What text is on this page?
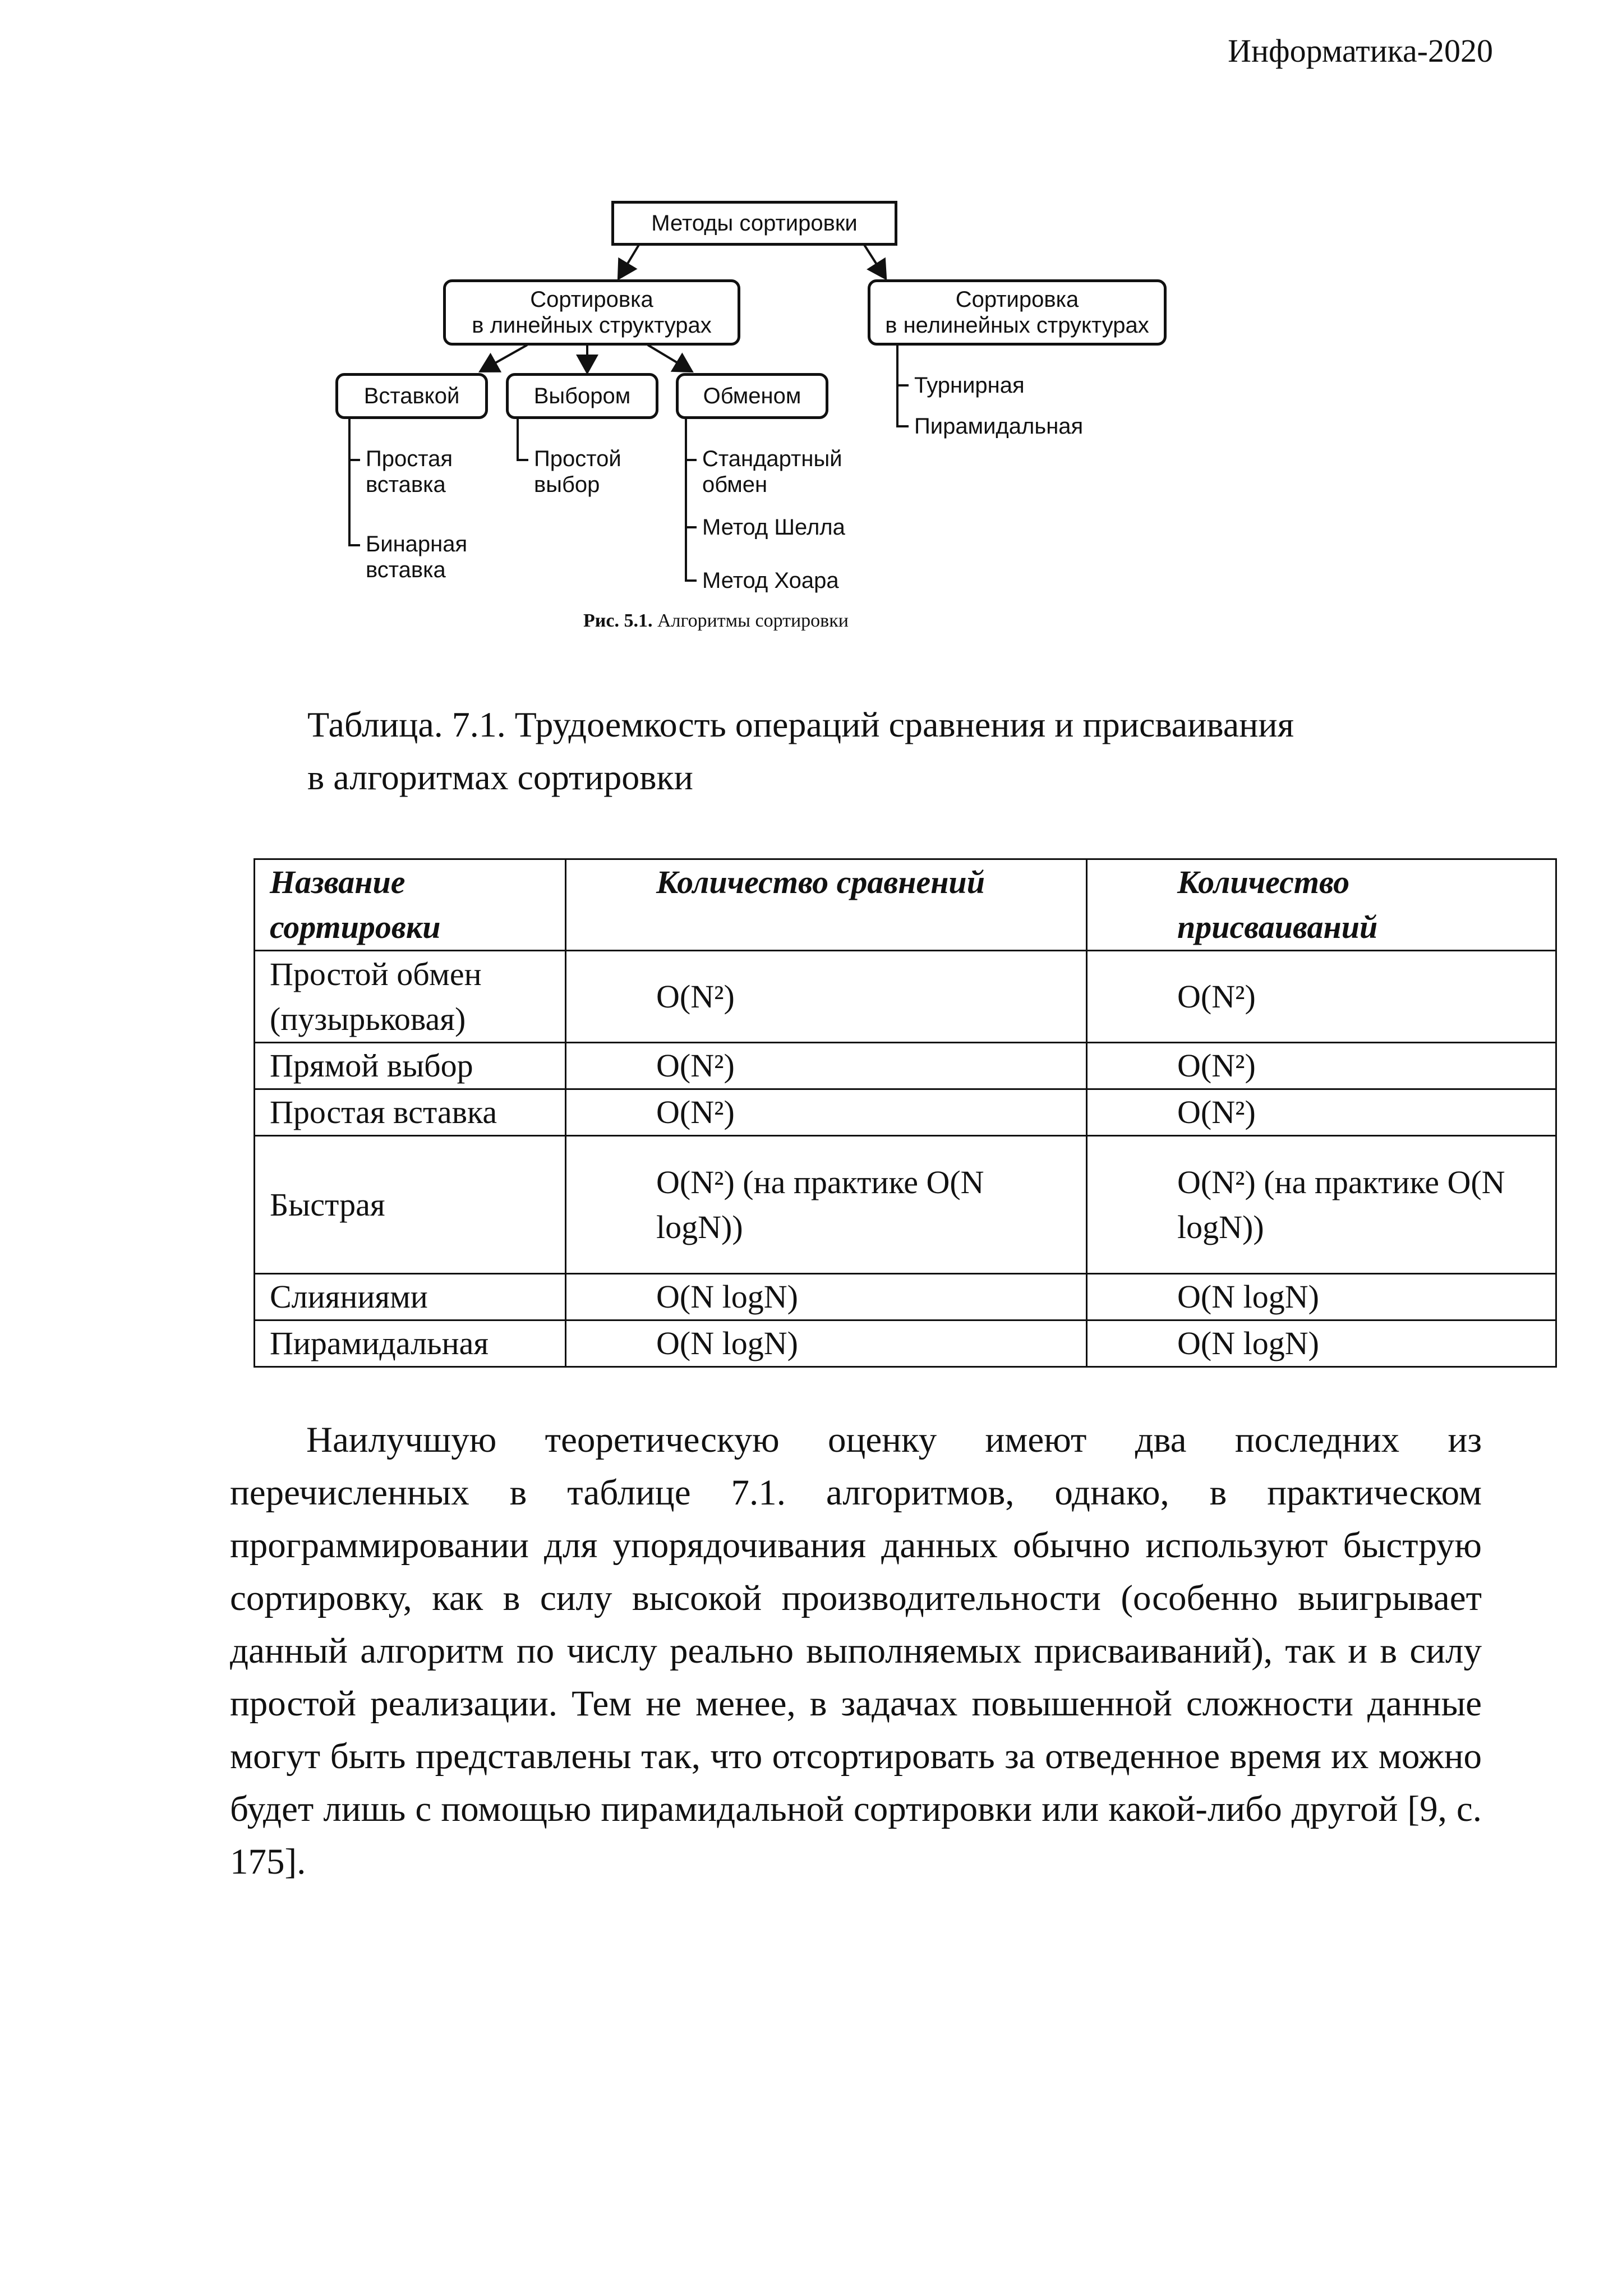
Информатика-2020
Методы сортировки
Сортировка
в линейных структурах
Сортировка
в нелинейных структурах
Вставкой	Выбором	Обменом
Простая вставка
Бинарная вставка
Простой выбор
Стандартный обмен
Метод Шелла
Метод Хоара
Турнирная
Пирамидальная
Рис. 5.1. Алгоритмы сортировки
Таблица. 7.1. Трудоемкость операций сравнения и присваивания
в алгоритмах сортировки
Название сортировки	Количество сравнений	Количество присваиваний
Простой обмен (пузырьковая)	O(N²)	O(N²)
Прямой выбор	O(N²)	O(N²)
Простая вставка	O(N²)	O(N²)
Быстрая	O(N²) (на практике O(N logN))	O(N²) (на практике O(N logN))
Слияниями	O(N logN)	O(N logN)
Пирамидальная	O(N logN)	O(N logN)

Наилучшую теоретическую оценку имеют два последних из перечисленных в таблице 7.1. алгоритмов, однако, в практическом программировании для упорядочивания данных обычно используют быструю сортировку, как в силу высокой производительности (особенно выигрывает данный алгоритм по числу реально выполняемых присваиваний), так и в силу простой реализации. Тем не менее, в задачах повышенной сложности данные могут быть представлены так, что отсортировать за отведенное время их можно будет лишь с помощью пирамидальной сортировки или какой-либо другой [9, с. 175].
